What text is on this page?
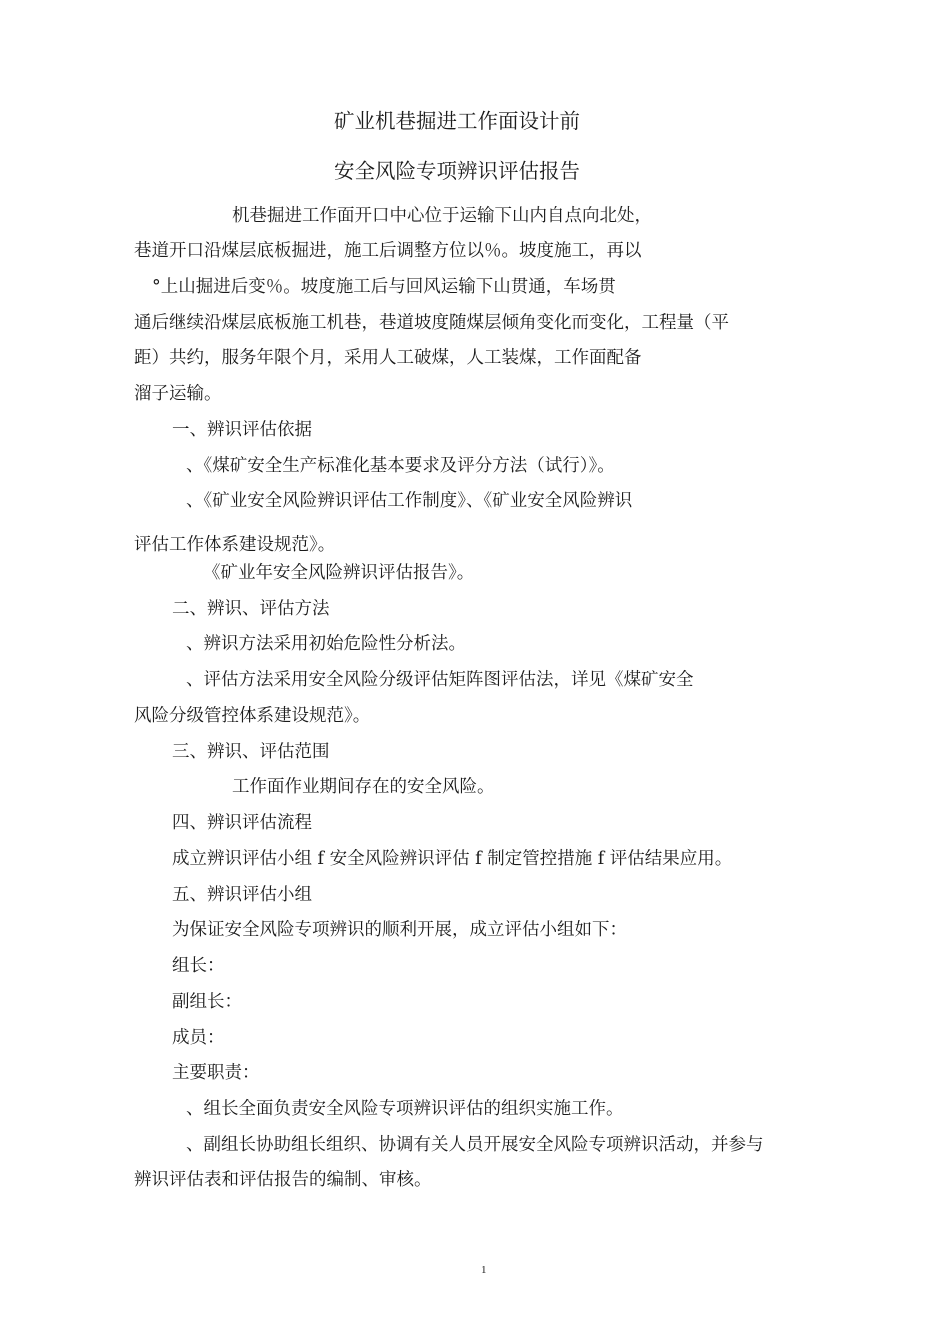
矿业机巷掘进工作面设计前
安全风险专项辨识评估报告
机巷掘进工作面开口中心位于运输下山内自点向北处，
巷道开口沿煤层底板掘进，施工后调整方位以％。坡度施工，再以
°上山掘进后变％。坡度施工后与回风运输下山贯通，车场贯
通后继续沿煤层底板施工机巷，巷道坡度随煤层倾角变化而变化，工程量（平
距）共约，服务年限个月，采用人工破煤，人工装煤，工作面配备
溜子运输。
一、辨识评估依据
、《煤矿安全生产标准化基本要求及评分方法（试行）》。
、《矿业安全风险辨识评估工作制度》、《矿业安全风险辨识
评估工作体系建设规范》。
《矿业年安全风险辨识评估报告》。
二、辨识、评估方法
、辨识方法采用初始危险性分析法。
、评估方法采用安全风险分级评估矩阵图评估法，详见《煤矿安全
风险分级管控体系建设规范》。
三、辨识、评估范围
工作面作业期间存在的安全风险。
四、辨识评估流程
成立辨识评估小组 f 安全风险辨识评估 f 制定管控措施 f 评估结果应用。
五、辨识评估小组
为保证安全风险专项辨识的顺利开展，成立评估小组如下：
组长：
副组长：
成员：
主要职责：
、组长全面负责安全风险专项辨识评估的组织实施工作。
、副组长协助组长组织、协调有关人员开展安全风险专项辨识活动，并参与
辨识评估表和评估报告的编制、审核。
1
